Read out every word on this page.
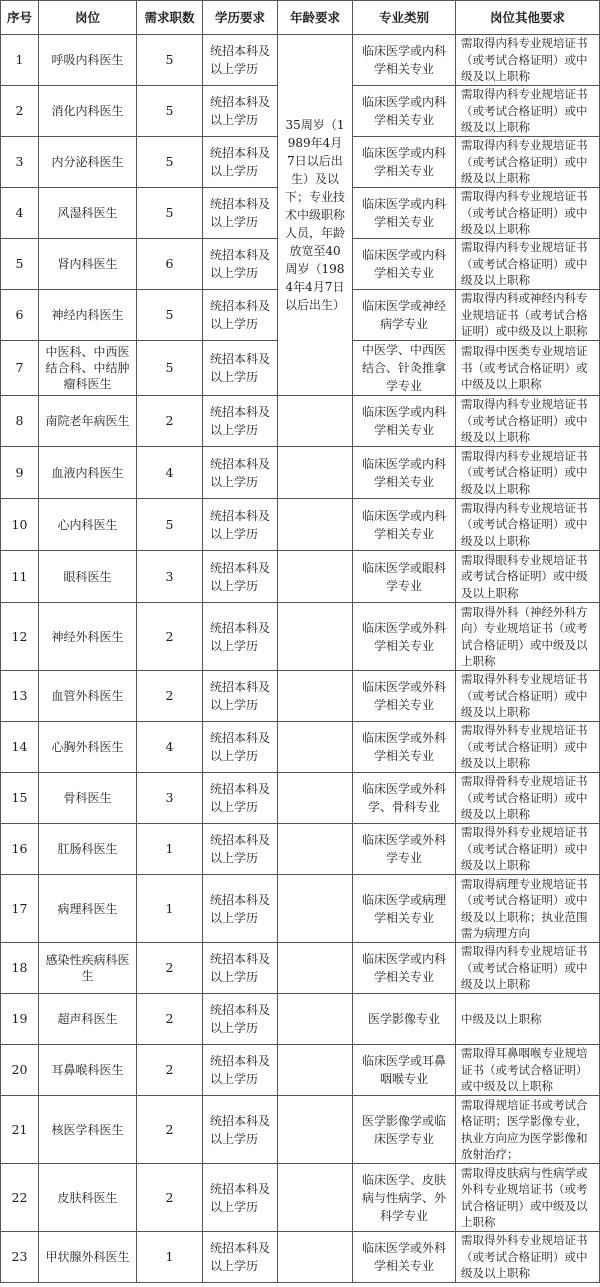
序号	岗位	需求职数	学历要求	年龄要求	专业类别	岗位其他要求
1	呼吸内科医生	5	统招本科及以上学历	35周岁（1989年4月7日以后出生）及以下；专业技术中级职称人员，年龄放宽至40周岁（1984年4月7日以后出生）	临床医学或内科学相关专业	需取得内科专业规培证书（或考试合格证明）或中级及以上职称
2	消化内科医生	5	统招本科及以上学历		临床医学或内科学相关专业	需取得内科专业规培证书（或考试合格证明）或中级及以上职称
3	内分泌科医生	5	统招本科及以上学历		临床医学或内科学相关专业	需取得内科专业规培证书（或考试合格证明）或中级及以上职称
4	风湿科医生	5	统招本科及以上学历		临床医学或内科学相关专业	需取得内科专业规培证书（或考试合格证明）或中级及以上职称
5	肾内科医生	6	统招本科及以上学历		临床医学或内科学相关专业	需取得内科专业规培证书（或考试合格证明）或中级及以上职称
6	神经内科医生	5	统招本科及以上学历		临床医学或神经病学专业	需取得内科或神经内科专业规培证书（或考试合格证明）或中级及以上职称
7	中医科、中西医结合科、中结肿瘤科医生	5	统招本科及以上学历		中医学、中西医结合、针灸推拿学专业	需取得中医类专业规培证书（或考试合格证明）或中级及以上职称
8	南院老年病医生	2	统招本科及以上学历		临床医学或内科学相关专业	需取得内科专业规培证书（或考试合格证明）或中级及以上职称
9	血液内科医生	4	统招本科及以上学历		临床医学或内科学相关专业	需取得内科专业规培证书（或考试合格证明）或中级及以上职称
10	心内科医生	5	统招本科及以上学历		临床医学或内科学相关专业	需取得内科专业规培证书（或考试合格证明）或中级及以上职称
11	眼科医生	3	统招本科及以上学历		临床医学或眼科学专业	需取得眼科专业规培证书或考试合格证明）或中级及以上职称
12	神经外科医生	2	统招本科及以上学历		临床医学或外科学相关专业	需取得外科（神经外科方向）专业规培证书（或考试合格证明）或中级及以上职称
13	血管外科医生	2	统招本科及以上学历		临床医学或外科学相关专业	需取得外科专业规培证书（或考试合格证明）或中级及以上职称
14	心胸外科医生	4	统招本科及以上学历		临床医学或外科学相关专业	需取得外科专业规培证书（或考试合格证明）或中级及以上职称
15	骨科医生	3	统招本科及以上学历		临床医学或外科学、骨科专业	需取得骨科专业规培证书（或考试合格证明）或中级及以上职称
16	肛肠科医生	1	统招本科及以上学历		临床医学或外科学专业	需取得外科专业规培证书（或考试合格证明）或中级及以上职称
17	病理科医生	1	统招本科及以上学历		临床医学或病理学相关专业	需取得病理专业规培证书（或考试合格证明）或中级及以上职称；执业范围需为病理方向
18	感染性疾病科医生	2	统招本科及以上学历		临床医学或内科学相关专业	需取得内科专业规培证书（或考试合格证明）或中级及以上职称
19	超声科医生	2	统招本科及以上学历		医学影像专业	中级及以上职称
20	耳鼻喉科医生	2	统招本科及以上学历		临床医学或耳鼻咽喉专业	需取得耳鼻咽喉专业规培证书（或考试合格证明）或中级及以上职称
21	核医学科医生	2	统招本科及以上学历		医学影像学或临床医学专业	需取得规培证书或考试合格证明；医学影像专业，执业方向应为医学影像和放射治疗；
22	皮肤科医生	2	统招本科及以上学历		临床医学、皮肤病与性病学、外科学专业	需取得皮肤病与性病学或外科专业规培证书（或考试合格证明）或中级及以上职称
23	甲状腺外科医生	1	统招本科及以上学历		临床医学或外科学相关专业	需取得外科专业规培证书（或考试合格证明）或中级及以上职称
